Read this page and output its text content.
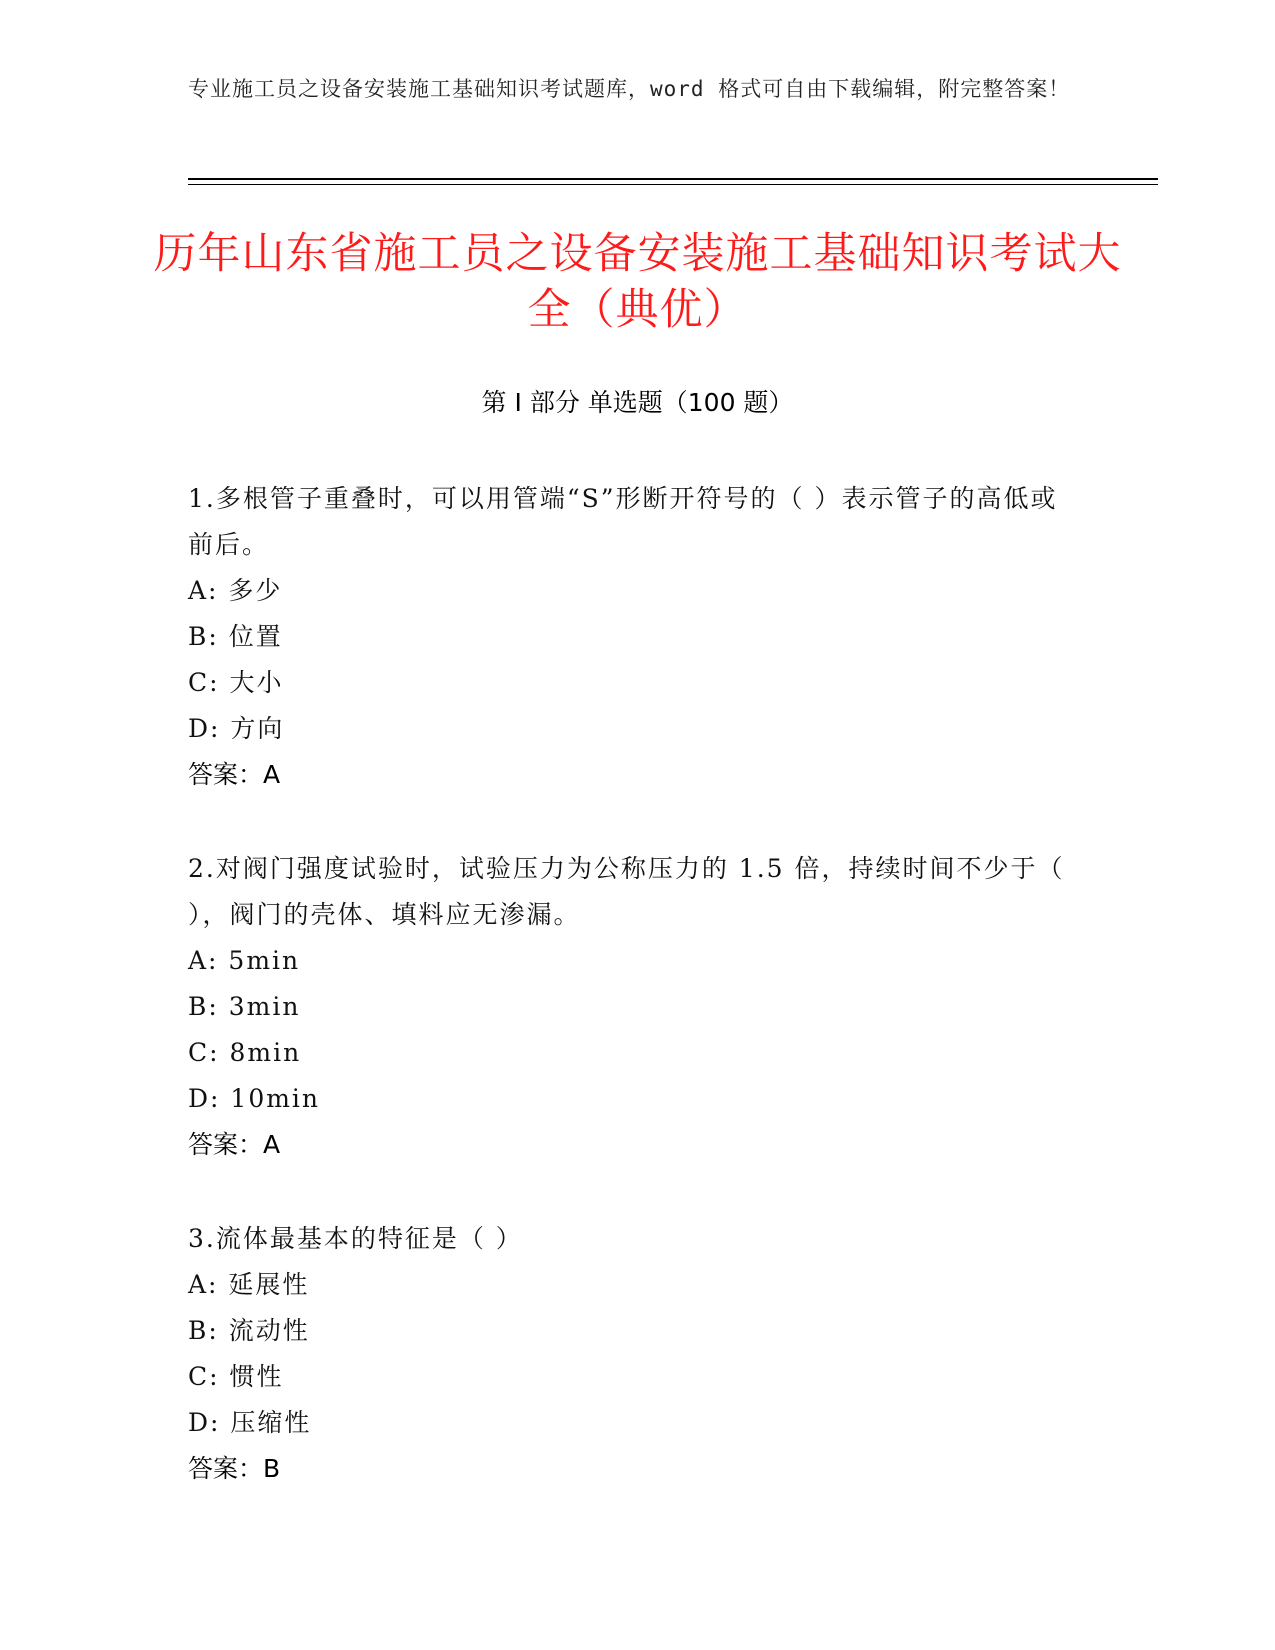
专业施工员之设备安装施工基础知识考试题库，word 格式可自由下载编辑，附完整答案！
历年山东省施工员之设备安装施工基础知识考试大全（典优）
第 I 部分 单选题（100 题）
1.多根管子重叠时，可以用管端“S”形断开符号的（ ）表示管子的高低或前后。
A: 多少
B: 位置
C: 大小
D: 方向
答案：A
2.对阀门强度试验时，试验压力为公称压力的 1.5 倍，持续时间不少于（ ），阀门的壳体、填料应无渗漏。
A: 5min
B: 3min
C: 8min
D: 10min
答案：A
3.流体最基本的特征是（ ）
A: 延展性
B: 流动性
C: 惯性
D: 压缩性
答案：B
